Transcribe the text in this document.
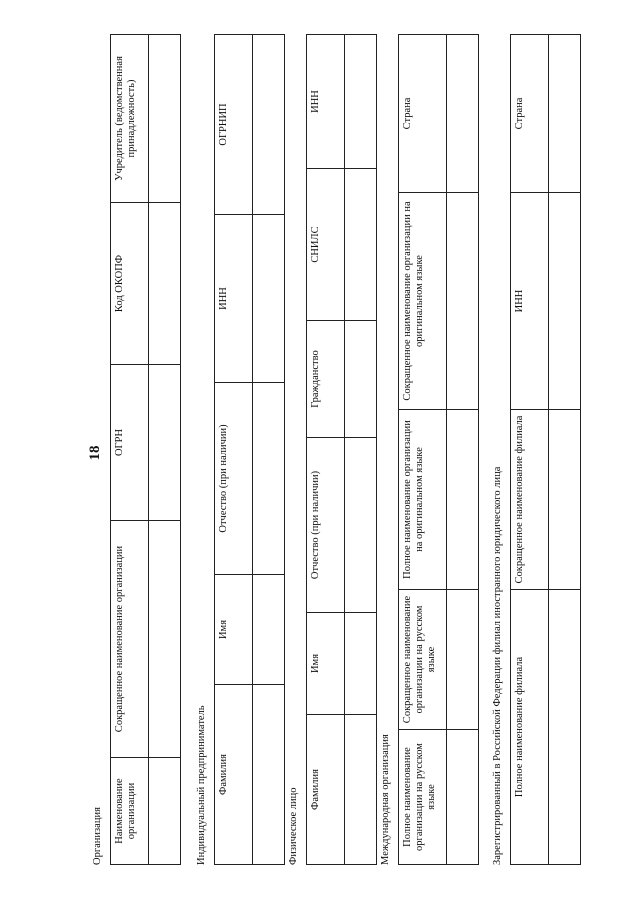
18
Организация Наименование организации	Сокращенное наименование организации	ОГРН	Код ОКОПФ	Учредитель (ведомственная принадлежность)

Индивидуальный предприниматель Фамилия	Имя	Отчество (при наличии)	ИНН	ОГРНИП

Физическое лицо Фамилия	Имя	Отчество (при наличии)	Гражданство	СНИЛС	ИНН

Международная организация Полное наименование организации на русском языке	Сокращенное наименование организации на русском языке	Полное наименование организации на оригинальном языке	Сокращенное наименование организации на оригинальном языке	Страна

Зарегистрированный в Российской Федерации филиал иностранного юридического лица Полное наименование филиала	Сокращенное наименование филиала	ИНН	Страна
